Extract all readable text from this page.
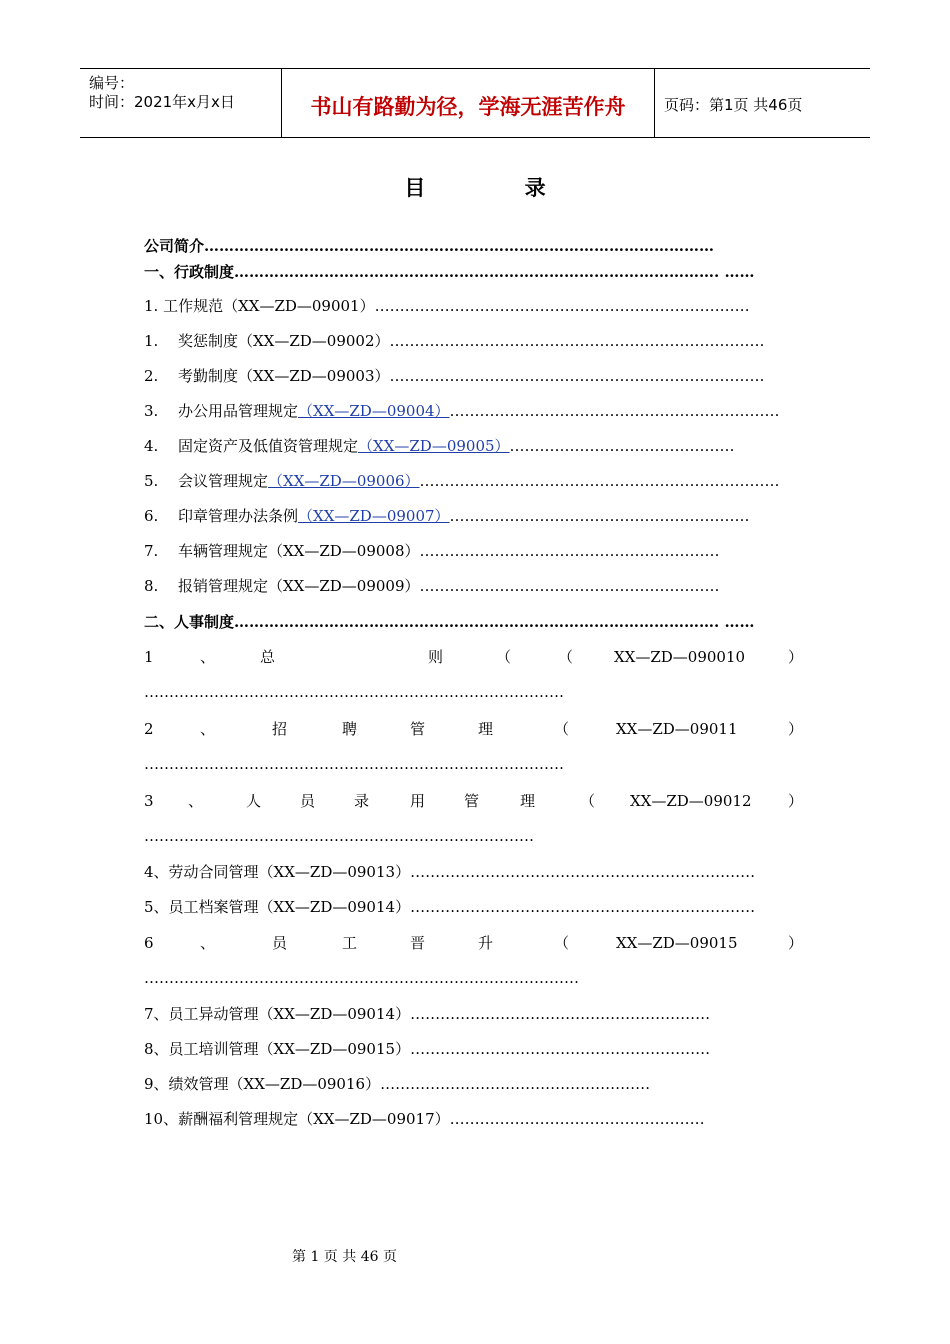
编号：
时间：2021年x月x日	书山有路勤为径，学海无涯苦作舟	页码：第1页 共46页
目 录
公司简介…………………………………………………………………………………………
一、行政制度……………………………………………………………………………………. ……
1. 工作规范（XX—ZD—09001）…………………………………………………………………
1. 奖惩制度（XX—ZD—09002）…………………………………………………………………
2. 考勤制度（XX—ZD—09003）…………………………………………………………………
3. 办公用品管理规定（XX—ZD—09004）…………………………………………………………
4. 固定资产及低值资管理规定（XX—ZD—09005）………………………………………
5. 会议管理规定（XX—ZD—09006）………………………………………………………………
6. 印章管理办法条例（XX—ZD—09007）……………………………………………………
7. 车辆管理规定（XX—ZD—09008）……………………………………………………
8. 报销管理规定（XX—ZD—09009）……………………………………………………
二、人事制度……………………………………………………………………………………. ……
1	、	总	则	（	（	XX—ZD—090010	）
…………………………………………………………………………
2	、	招	聘	管	理	（	XX—ZD—09011	）
…………………………………………………………………………
3 、	人	员	录	用	管	理	（ XX—ZD—09012 ）
……………………………………………………………………
4、劳动合同管理（XX—ZD—09013）……………………………………………………………
5、员工档案管理（XX—ZD—09014）……………………………………………………………
6	、	员	工	晋	升	（	XX—ZD—09015	）
……………………………………………………………………………
7、员工异动管理（XX—ZD—09014）……………………………………………………
8、员工培训管理（XX—ZD—09015）……………………………………………………
9、绩效管理（XX—ZD—09016）………………………………………………
10、薪酬福利管理规定（XX—ZD—09017）……………………………………………
第 1 页 共 46 页
